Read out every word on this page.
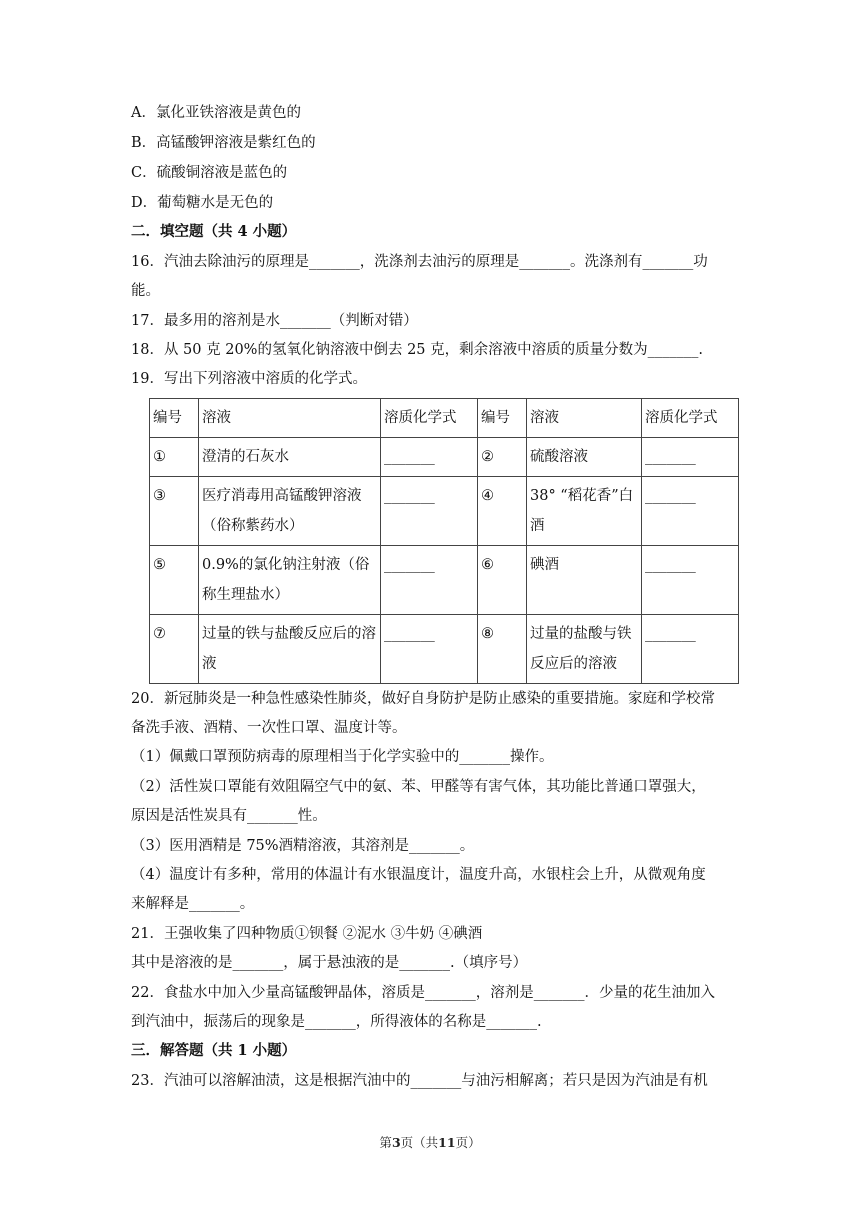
A．氯化亚铁溶液是黄色的
B．高锰酸钾溶液是紫红色的
C．硫酸铜溶液是蓝色的
D．葡萄糖水是无色的
二．填空题（共 4 小题）
16．汽油去除油污的原理是_______，洗涤剂去油污的原理是_______。洗涤剂有_______功
能。
17．最多用的溶剂是水_______（判断对错）
18．从 50 克 20%的氢氧化钠溶液中倒去 25 克，剩余溶液中溶质的质量分数为_______.
19．写出下列溶液中溶质的化学式。
编号	溶液	溶质化学式	编号	溶液	溶质化学式
①	澄清的石灰水	_______	②	硫酸溶液	_______
③	医疗消毒用高锰酸钾溶液（俗称紫药水）	_______	④	38° “稻花香”白酒	_______
⑤	0.9%的氯化钠注射液（俗称生理盐水）	_______	⑥	碘酒	_______
⑦	过量的铁与盐酸反应后的溶液	_______	⑧	过量的盐酸与铁反应后的溶液	_______
20．新冠肺炎是一种急性感染性肺炎，做好自身防护是防止感染的重要措施。家庭和学校常
备洗手液、酒精、一次性口罩、温度计等。
（1）佩戴口罩预防病毒的原理相当于化学实验中的_______操作。
（2）活性炭口罩能有效阻隔空气中的氨、苯、甲醛等有害气体，其功能比普通口罩强大，
原因是活性炭具有_______性。
（3）医用酒精是 75%酒精溶液，其溶剂是_______。
（4）温度计有多种，常用的体温计有水银温度计，温度升高，水银柱会上升，从微观角度
来解释是_______。
21．王强收集了四种物质①钡餐 ②泥水 ③牛奶 ④碘酒
其中是溶液的是_______，属于悬浊液的是_______.（填序号）
22．食盐水中加入少量高锰酸钾晶体，溶质是_______，溶剂是_______．少量的花生油加入
到汽油中，振荡后的现象是_______，所得液体的名称是_______.
三．解答题（共 1 小题）
23．汽油可以溶解油渍，这是根据汽油中的_______与油污相解离；若只是因为汽油是有机
第3页（共11页）
